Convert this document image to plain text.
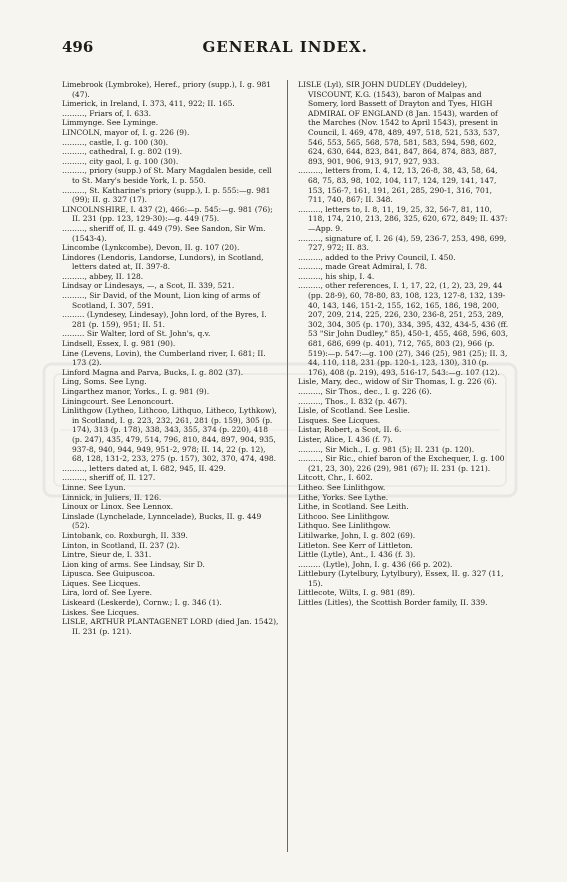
496	GENERAL INDEX.

Limebrook (Lymbroke), Heref., priory (supp.), I. g. 981 (47).

Limerick, in Ireland, I. 373, 411, 922; II. 165.

………, Friars of, I. 633.

Limmynge. See Lyminge.

LINCOLN, mayor of, I. g. 226 (9).

………, castle, I. g. 100 (30).

………, cathedral, I. g. 802 (19).

………, city gaol, I. g. 100 (30).

………, priory (supp.) of St. Mary Magdalen beside, cell to St. Mary's beside York, I. p. 550.

………, St. Katharine's priory (supp.), I. p. 555:—g. 981 (99); II. g. 327 (17).

LINCOLNSHIRE, I. 437 (2), 466:—p. 545:—g. 981 (76); II. 231 (pp. 123, 129-30):—g. 449 (75).

………, sheriff of, II. g. 449 (79). See Sandon, Sir Wm. (1543-4).

Lincombe (Lynkcombe), Devon, II. g. 107 (20).

Lindores (Lendoris, Landorse, Lundors), in Scotland, letters dated at, II. 397-8.

………, abbey, II. 128.

Lindsay or Lindesays, —, a Scot, II. 339, 521.

………, Sir David, of the Mount, Lion king of arms of Scotland, I. 307, 591.

……… (Lyndesey, Lindesay), John lord, of the Byres, I. 281 (p. 159), 951; II. 51.

……… Sir Walter, lord of St. John's, q.v.

Lindsell, Essex, I. g. 981 (90).

Line (Levens, Lovin), the Cumberland river, I. 681; II. 173 (2).

Linford Magna and Parva, Bucks, I. g. 802 (37).

Ling, Soms. See Lyng.

Lingarthez manor, Yorks., I. g. 981 (9).

Liningcourt. See Lenoncourt.

Linlithgow (Lytheo, Lithcoo, Lithquo, Litheco, Lythkow), in Scotland, I. g. 223, 232, 261, 281 (p. 159), 305 (p. 174), 313 (p. 178), 338, 343, 355, 374 (p. 220), 418 (p. 247), 435, 479, 514, 796, 810, 844, 897, 904, 935, 937-8, 940, 944, 949, 951-2, 978; II. 14, 22 (p. 12), 68, 128, 131-2, 233, 275 (p. 157), 302, 370, 474, 498.

………, letters dated at, I. 682, 945, II. 429.

………, sheriff of, II. 127.

Linne. See Lyun.

Linnick, in Juliers, II. 126.

Linoux or Linox. See Lennox.

Linslade (Lynchelade, Lynncelade), Bucks, II. g. 449 (52).

Lintobank, co. Roxburgh, II. 339.

Linton, in Scotland, II. 237 (2).

Lintre, Sieur de, I. 331.

Lion king of arms. See Lindsay, Sir D.

Lipusca. See Guipuscoa.

Liques. See Licques.

Lira, lord of. See Lyere.

Liskeard (Leskerde), Cornw.; I. g. 346 (1).

Liskes. See Licques.

LISLE, ARTHUR PLANTAGENET LORD (died Jan. 1542), II. 231 (p. 121).

LISLE (Lyl), SIR JOHN DUDLEY (Duddeley), VISCOUNT, K.G. (1543), baron of Malpas and Somery, lord Bassett of Drayton and Tyes, HIGH ADMIRAL OF ENGLAND (8 Jan. 1543), warden of the Marches (Nov. 1542 to April 1543), present in Council, I. 469, 478, 489, 497, 518, 521, 533, 537, 546, 553, 565, 568, 578, 581, 583, 594, 598, 602, 624, 630, 644, 823, 841, 847, 864, 874, 883, 887, 893, 901, 906, 913, 917, 927, 933.

………, letters from, I. 4, 12, 13, 26-8, 38, 43, 58, 64, 68, 75, 83, 98, 102, 104, 117, 124, 129, 141, 147, 153, 156-7, 161, 191, 261, 285, 290-1, 316, 701, 711, 740, 867; II. 348.

………, letters to, I. 8, 11, 19, 25, 32, 56-7, 81, 110, 118, 174, 210, 213, 286, 325, 620, 672, 849; II. 437:—App. 9.

………, signature of, I. 26 (4), 59, 236-7, 253, 498, 699, 727, 972; II. 83.

………, added to the Privy Council, I. 450.

………, made Great Admiral, I. 78.

………, his ship, I. 4.

………, other references, I. 1, 17, 22, (1, 2), 23, 29, 44 (pp. 28-9), 60, 78-80, 83, 108, 123, 127-8, 132, 139-40, 143, 146, 151-2, 155, 162, 165, 186, 198, 200, 207, 209, 214, 225, 226, 230, 236-8, 251, 253, 289, 302, 304, 305 (p. 170), 334, 395, 432, 434-5, 436 (ff. 53 "Sir John Dudley," 85), 450-1, 455, 468, 596, 603, 681, 686, 699 (p. 401), 712, 765, 803 (2), 966 (p. 519):—p. 547:—g. 100 (27), 346 (25), 981 (25); II. 3, 44, 110, 118, 231 (pp. 120-1, 123, 130), 310 (p. 176), 408 (p. 219), 493, 516-17, 543:—g. 107 (12).

Lisle, Mary, dec., widow of Sir Thomas, I. g. 226 (6).

………, Sir Thos., dec., I. g. 226 (6).

………, Thos., I. 832 (p. 467).

Lisle, of Scotland. See Leslie.

Lisques. See Licques.

Listar, Robert, a Scot, II. 6.

Lister, Alice, I. 436 (f. 7).

………, Sir Mich., I. g. 981 (5); II. 231 (p. 120).

………, Sir Ric., chief baron of the Exchequer, I. g. 100 (21, 23, 30), 226 (29), 981 (67); II. 231 (p. 121).

Litcott, Chr., I. 602.

Litheo. See Linlithgow.

Lithe, Yorks. See Lythe.

Lithe, in Scotland. See Leith.

Lithcoo. See Linlithgow.

Lithquo. See Linlithgow.

Litilwarke, John, I. g. 802 (69).

Litleton. See Kerr of Littleton.

Little (Lytle), Ant., I. 436 (f. 3).

……… (Lytle), John, I. g. 436 (66 p. 202).

Littlebury (Lytelbury, Lytylbury), Essex, II. g. 327 (11, 15).

Littlecote, Wilts, I. g. 981 (89).

Littles (Litles), the Scottish Border family, II. 339.
